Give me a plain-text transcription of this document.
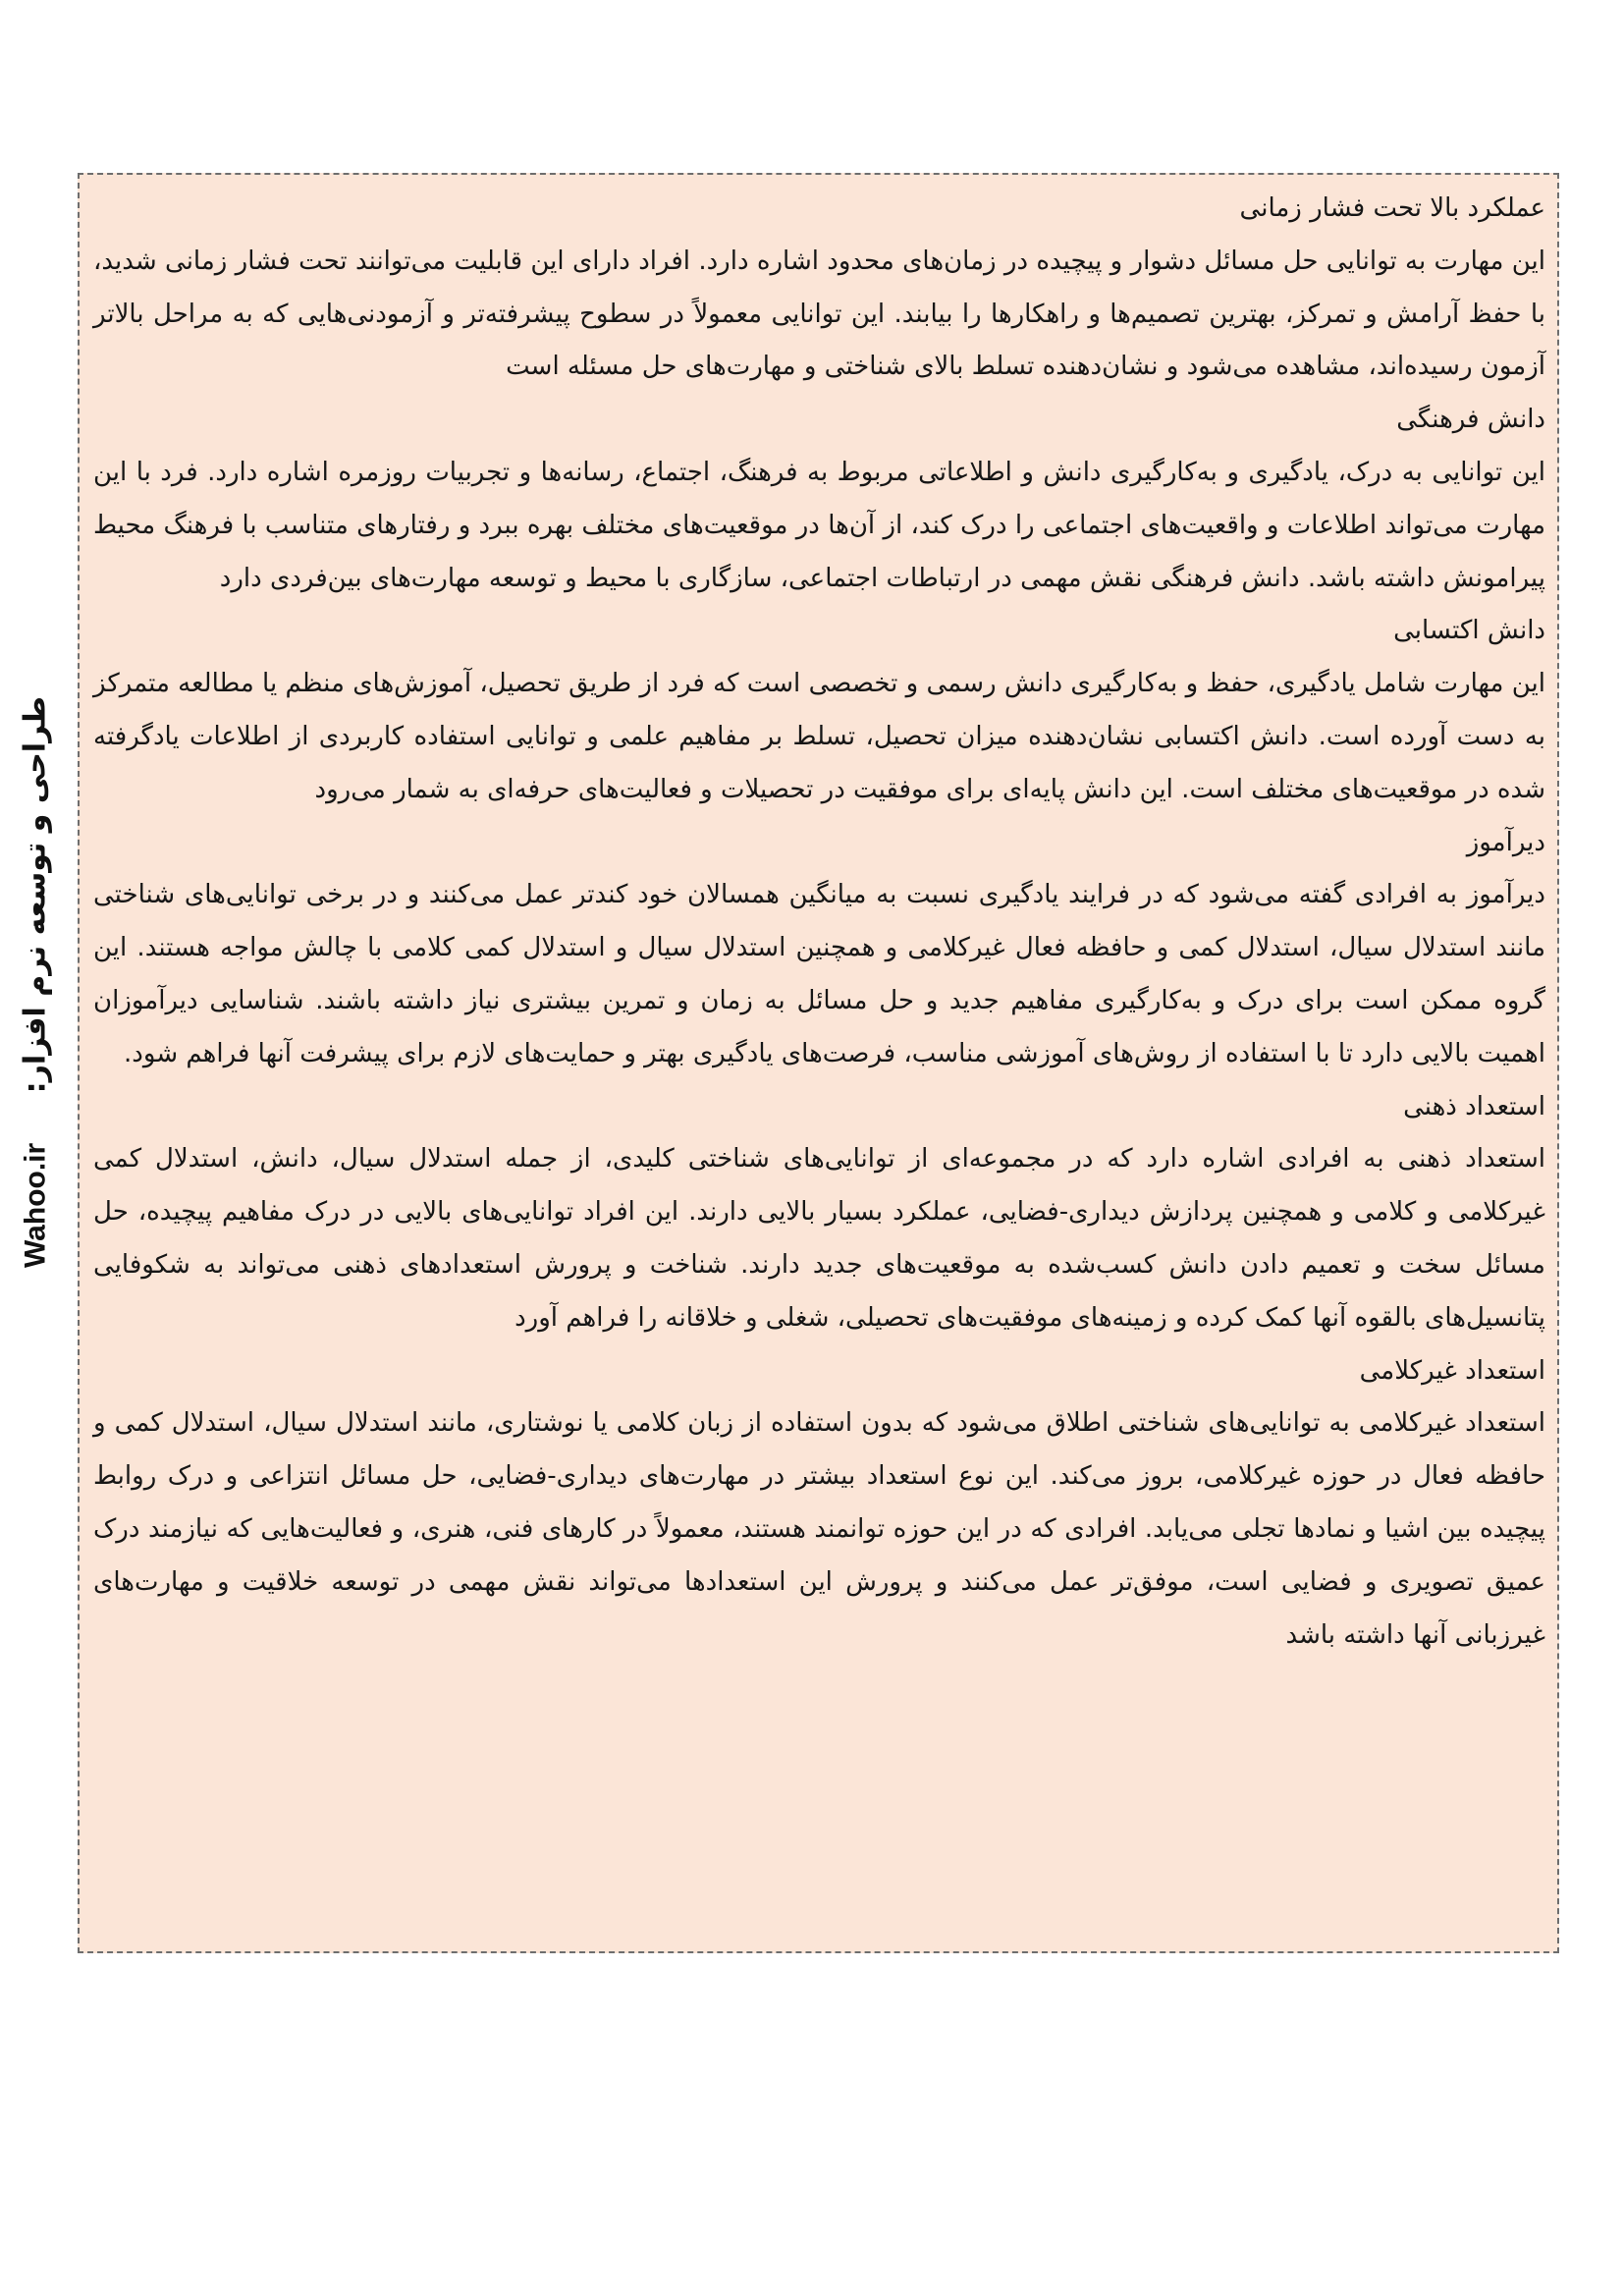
طراحی و توسعه نرم افزار: Wahoo.ir
عملکرد بالا تحت فشار زمانی

این مهارت به توانایی حل مسائل دشوار و پیچیده در زمان‌های محدود اشاره دارد. افراد دارای این قابلیت می‌توانند تحت فشار زمانی شدید، با حفظ آرامش و تمرکز، بهترین تصمیم‌ها و راهکارها را بیابند. این توانایی معمولاً در سطوح پیشرفته‌تر و آزمودنی‌هایی که به مراحل بالاتر آزمون رسیده‌اند، مشاهده می‌شود و نشان‌دهنده تسلط بالای شناختی و مهارت‌های حل مسئله است

دانش فرهنگی

این توانایی به درک، یادگیری و به‌کارگیری دانش و اطلاعاتی مربوط به فرهنگ، اجتماع، رسانه‌ها و تجربیات روزمره اشاره دارد. فرد با این مهارت می‌تواند اطلاعات و واقعیت‌های اجتماعی را درک کند، از آن‌ها در موقعیت‌های مختلف بهره ببرد و رفتارهای متناسب با فرهنگ محیط پیرامونش داشته باشد. دانش فرهنگی نقش مهمی در ارتباطات اجتماعی، سازگاری با محیط و توسعه مهارت‌های بین‌فردی دارد

دانش اکتسابی

این مهارت شامل یادگیری، حفظ و به‌کارگیری دانش رسمی و تخصصی است که فرد از طریق تحصیل، آموزش‌های منظم یا مطالعه متمرکز به دست آورده است. دانش اکتسابی نشان‌دهنده میزان تحصیل، تسلط بر مفاهیم علمی و توانایی استفاده کاربردی از اطلاعات یادگرفته شده در موقعیت‌های مختلف است. این دانش پایه‌ای برای موفقیت در تحصیلات و فعالیت‌های حرفه‌ای به شمار می‌رود

دیرآموز

دیرآموز به افرادی گفته می‌شود که در فرایند یادگیری نسبت به میانگین همسالان خود کندتر عمل می‌کنند و در برخی توانایی‌های شناختی مانند استدلال سیال، استدلال کمی و حافظه فعال غیرکلامی و همچنین استدلال سیال و استدلال کمی کلامی با چالش مواجه هستند. این گروه ممکن است برای درک و به‌کارگیری مفاهیم جدید و حل مسائل به زمان و تمرین بیشتری نیاز داشته باشند. شناسایی دیرآموزان اهمیت بالایی دارد تا با استفاده از روش‌های آموزشی مناسب، فرصت‌های یادگیری بهتر و حمایت‌های لازم برای پیشرفت آنها فراهم شود.

استعداد ذهنی

استعداد ذهنی به افرادی اشاره دارد که در مجموعه‌ای از توانایی‌های شناختی کلیدی، از جمله استدلال سیال، دانش، استدلال کمی غیرکلامی و کلامی و همچنین پردازش دیداری-فضایی، عملکرد بسیار بالایی دارند. این افراد توانایی‌های بالایی در درک مفاهیم پیچیده، حل مسائل سخت و تعمیم دادن دانش کسب‌شده به موقعیت‌های جدید دارند. شناخت و پرورش استعدادهای ذهنی می‌تواند به شکوفایی پتانسیل‌های بالقوه آنها کمک کرده و زمینه‌های موفقیت‌های تحصیلی، شغلی و خلاقانه را فراهم آورد

استعداد غیرکلامی

استعداد غیرکلامی به توانایی‌های شناختی اطلاق می‌شود که بدون استفاده از زبان کلامی یا نوشتاری، مانند استدلال سیال، استدلال کمی و حافظه فعال در حوزه غیرکلامی، بروز می‌کند. این نوع استعداد بیشتر در مهارت‌های دیداری-فضایی، حل مسائل انتزاعی و درک روابط پیچیده بین اشیا و نمادها تجلی می‌یابد. افرادی که در این حوزه توانمند هستند، معمولاً در کارهای فنی، هنری، و فعالیت‌هایی که نیازمند درک عمیق تصویری و فضایی است، موفق‌تر عمل می‌کنند و پرورش این استعدادها می‌تواند نقش مهمی در توسعه خلاقیت و مهارت‌های غیرزبانی آنها داشته باشد
